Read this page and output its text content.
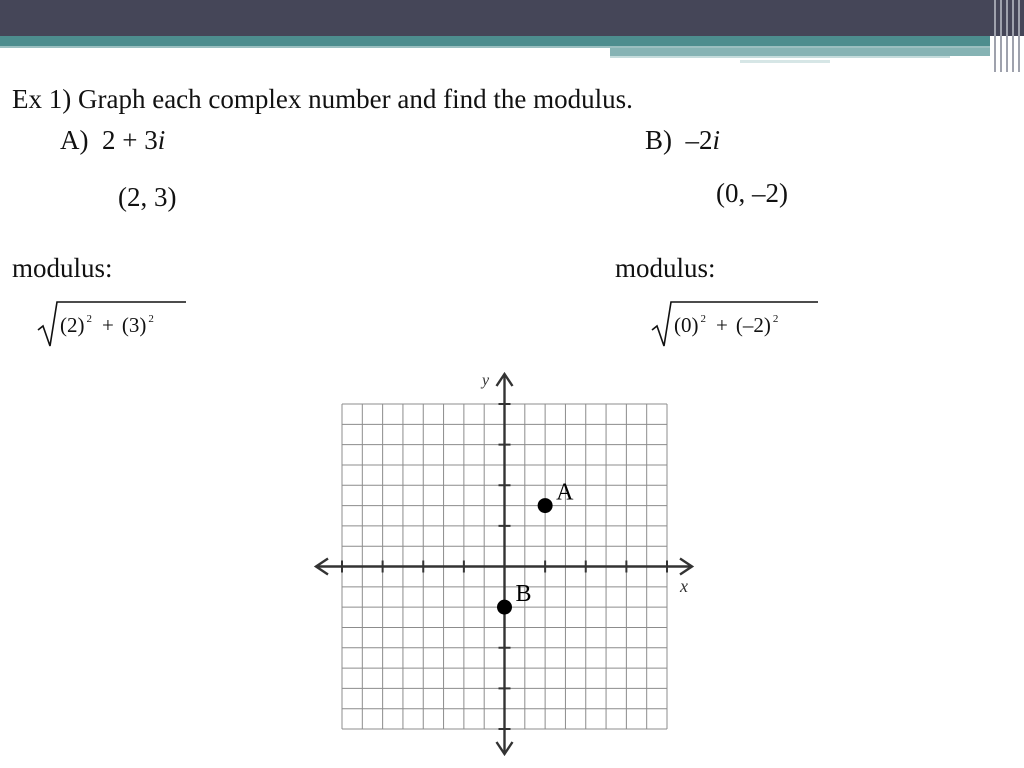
Ex 1) Graph each complex number and find the modulus.
A) 2 + 3i
(2, 3)
modulus:
(2) $^2$ + (3) $^2$
B) –2i
(0, –2)
modulus:
(0) $^2$ + (–2) $^2$
x
y
A
B
